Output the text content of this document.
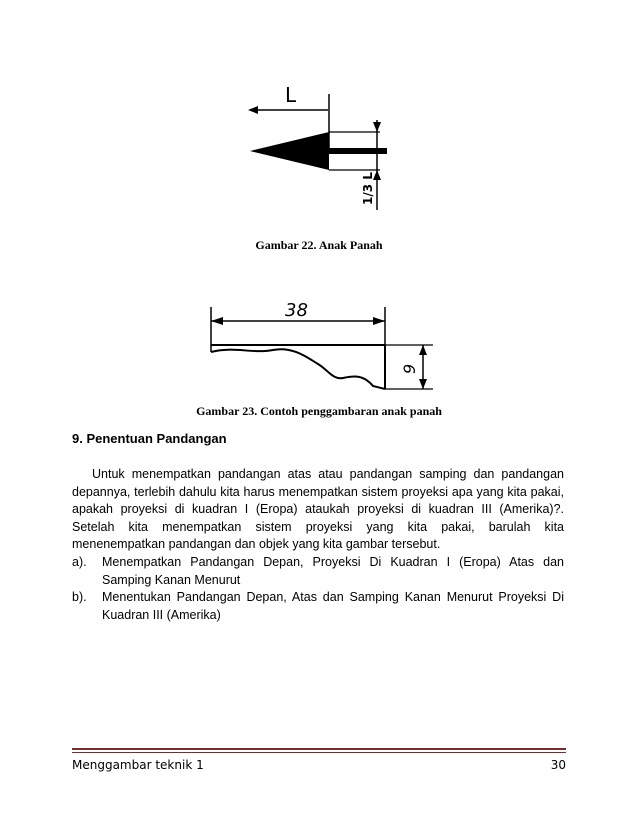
L
1/3 L
Gambar 22. Anak Panah
38
9
Gambar 23. Contoh penggambaran anak panah
9. Penentuan Pandangan

Untuk menempatkan pandangan atas atau pandangan samping dan pandangan depannya, terlebih dahulu kita harus menempatkan sistem proyeksi apa yang kita pakai, apakah proyeksi di kuadran I (Eropa) ataukah proyeksi di kuadran III (Amerika)?. Setelah kita menempatkan sistem proyeksi yang kita pakai, barulah kita menenempatkan pandangan dan objek yang kita gambar tersebut.

a). Menempatkan Pandangan Depan, Proyeksi Di Kuadran I (Eropa) Atas dan Samping Kanan Menurut

b). Menentukan Pandangan Depan, Atas dan Samping Kanan Menurut Proyeksi Di Kuadran III (Amerika)

Menggambar teknik 1	30
